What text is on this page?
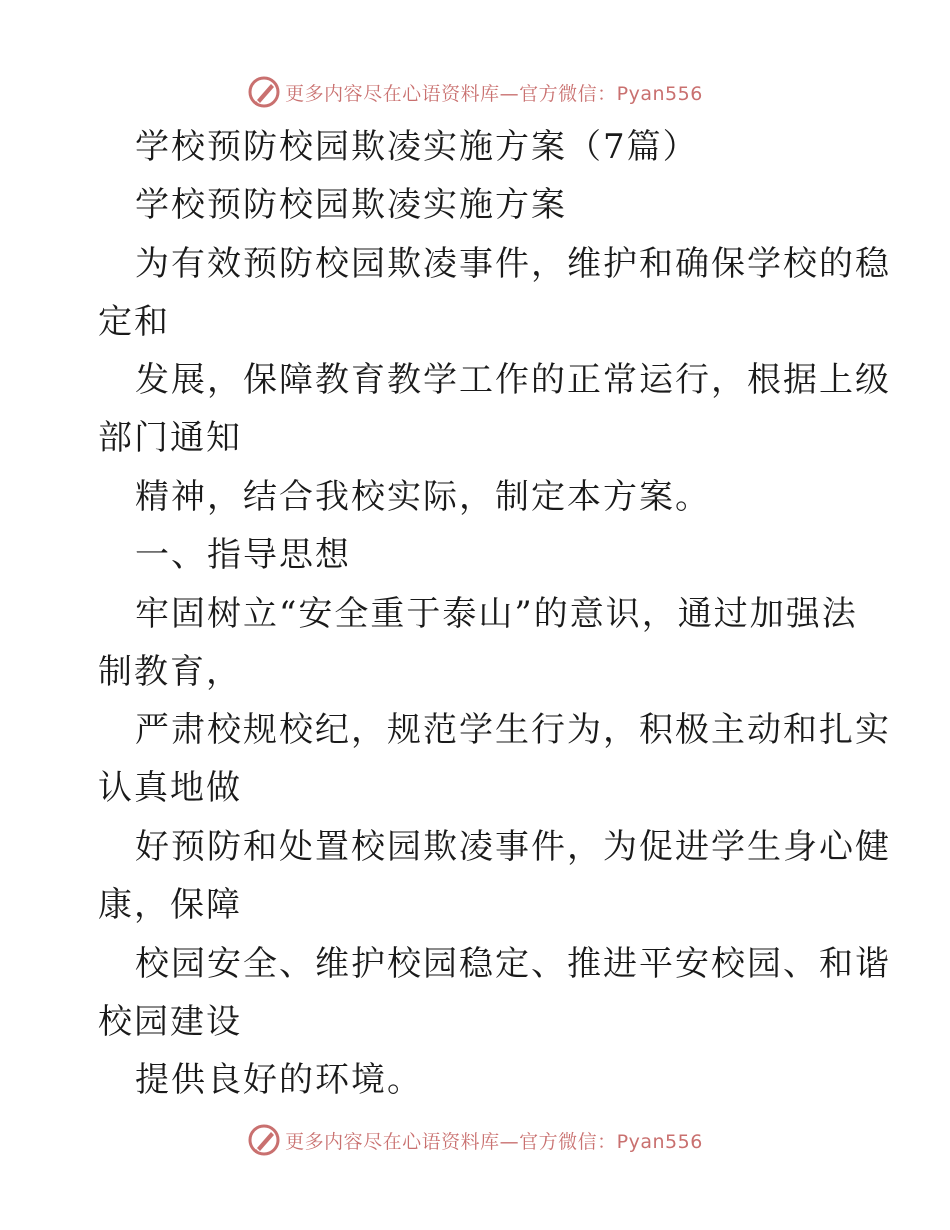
更多内容尽在心语资料库—官方微信：Pyan556
学校预防校园欺凌实施方案（7篇）
学校预防校园欺凌实施方案
为有效预防校园欺凌事件，维护和确保学校的稳
定和
发展，保障教育教学工作的正常运行，根据上级
部门通知
精神，结合我校实际，制定本方案。
一、指导思想
牢固树立“安全重于泰山”的意识，通过加强法
制教育，
严肃校规校纪，规范学生行为，积极主动和扎实
认真地做
好预防和处置校园欺凌事件，为促进学生身心健
康，保障
校园安全、维护校园稳定、推进平安校园、和谐
校园建设
提供良好的环境。
更多内容尽在心语资料库—官方微信：Pyan556
